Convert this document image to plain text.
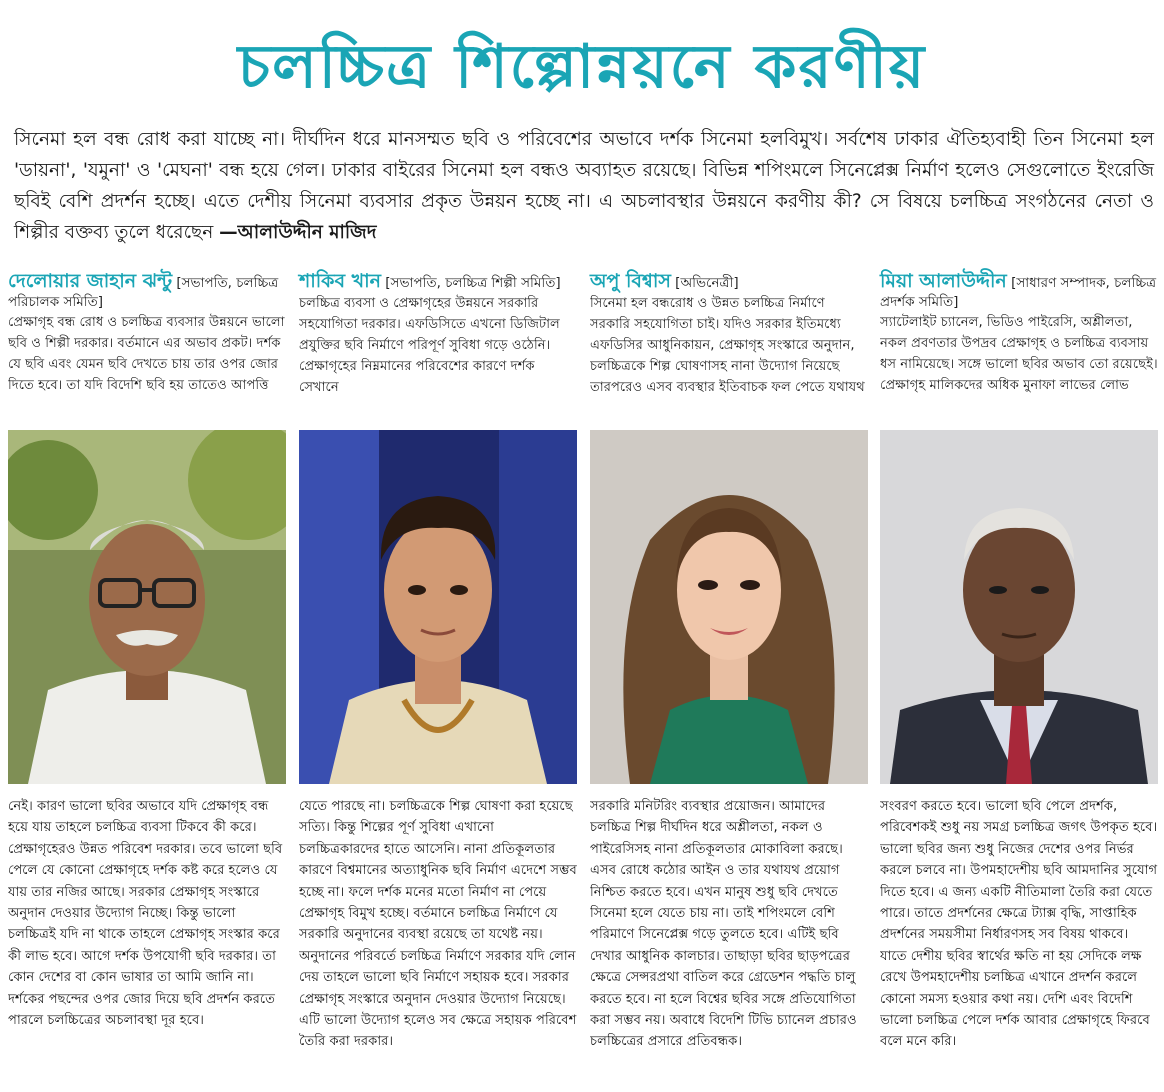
চলচ্চিত্র শিল্পোন্নয়নে করণীয়
সিনেমা হল বন্ধ রোধ করা যাচ্ছে না। দীর্ঘদিন ধরে মানসম্মত ছবি ও পরিবেশের অভাবে দর্শক সিনেমা হলবিমুখ। সর্বশেষ ঢাকার ঐতিহ্যবাহী তিন সিনেমা হল 'ডায়না', 'যমুনা' ও 'মেঘনা' বন্ধ হয়ে গেল। ঢাকার বাইরের সিনেমা হল বন্ধও অব্যাহত রয়েছে। বিভিন্ন শপিংমলে সিনেপ্লেক্স নির্মাণ হলেও সেগুলোতে ইংরেজি ছবিই বেশি প্রদর্শন হচ্ছে। এতে দেশীয় সিনেমা ব্যবসার প্রকৃত উন্নয়ন হচ্ছে না। এ অচলাবস্থার উন্নয়নে করণীয় কী? সে বিষয়ে চলচ্চিত্র সংগঠনের নেতা ও শিল্পীর বক্তব্য তুলে ধরেছেন —আলাউদ্দীন মাজিদ
দেলোয়ার জাহান ঝন্টু [সভাপতি, চলচ্চিত্র পরিচালক সমিতি]
প্রেক্ষাগৃহ বন্ধ রোধ ও চলচ্চিত্র ব্যবসার উন্নয়নে ভালো ছবি ও শিল্পী দরকার। বর্তমানে এর অভাব প্রকট। দর্শক যে ছবি এবং যেমন ছবি দেখতে চায় তার ওপর জোর দিতে হবে। তা যদি বিদেশি ছবি হয় তাতেও আপত্তি
নেই। কারণ ভালো ছবির অভাবে যদি প্রেক্ষাগৃহ বন্ধ হয়ে যায় তাহলে চলচ্চিত্র ব্যবসা টিকবে কী করে। প্রেক্ষাগৃহেরও উন্নত পরিবেশ দরকার। তবে ভালো ছবি পেলে যে কোনো প্রেক্ষাগৃহে দর্শক কষ্ট করে হলেও যে যায় তার নজির আছে। সরকার প্রেক্ষাগৃহ সংস্কারে অনুদান দেওয়ার উদ্যোগ নিচ্ছে। কিন্তু ভালো চলচ্চিত্রই যদি না থাকে তাহলে প্রেক্ষাগৃহ সংস্কার করে কী লাভ হবে। আগে দর্শক উপযোগী ছবি দরকার। তা কোন দেশের বা কোন ভাষার তা আমি জানি না। দর্শকের পছন্দের ওপর জোর দিয়ে ছবি প্রদর্শন করতে পারলে চলচ্চিত্রের অচলাবস্থা দূর হবে।
শাকিব খান [সভাপতি, চলচ্চিত্র শিল্পী সমিতি]
চলচ্চিত্র ব্যবসা ও প্রেক্ষাগৃহের উন্নয়নে সরকারি সহযোগিতা দরকার। এফডিসিতে এখনো ডিজিটাল প্রযুক্তির ছবি নির্মাণে পরিপূর্ণ সুবিধা গড়ে ওঠেনি। প্রেক্ষাগৃহের নিম্নমানের পরিবেশের কারণে দর্শক সেখানে
যেতে পারছে না। চলচ্চিত্রকে শিল্প ঘোষণা করা হয়েছে সত্যি। কিন্তু শিল্পের পূর্ণ সুবিধা এখানো চলচ্চিত্রকারদের হাতে আসেনি। নানা প্রতিকূলতার কারণে বিশ্বমানের অত্যাধুনিক ছবি নির্মাণ এদেশে সম্ভব হচ্ছে না। ফলে দর্শক মনের মতো নির্মাণ না পেয়ে প্রেক্ষাগৃহ বিমুখ হচ্ছে। বর্তমানে চলচ্চিত্র নির্মাণে যে সরকারি অনুদানের ব্যবস্থা রয়েছে তা যথেষ্ট নয়। অনুদানের পরিবর্তে চলচ্চিত্র নির্মাণে সরকার যদি লোন দেয় তাহলে ভালো ছবি নির্মাণে সহায়ক হবে। সরকার প্রেক্ষাগৃহ সংস্কারে অনুদান দেওয়ার উদ্যোগ নিয়েছে। এটি ভালো উদ্যোগ হলেও সব ক্ষেত্রে সহায়ক পরিবেশ তৈরি করা দরকার।
অপু বিশ্বাস [অভিনেত্রী]
সিনেমা হল বন্ধরোধ ও উন্নত চলচ্চিত্র নির্মাণে সরকারি সহযোগিতা চাই। যদিও সরকার ইতিমধ্যে এফডিসির আধুনিকায়ন, প্রেক্ষাগৃহ সংস্কারে অনুদান, চলচ্চিত্রকে শিল্প ঘোষণাসহ নানা উদ্যোগ নিয়েছে তারপরেও এসব ব্যবস্থার ইতিবাচক ফল পেতে যথাযথ
সরকারি মনিটরিং ব্যবস্থার প্রয়োজন। আমাদের চলচ্চিত্র শিল্প দীর্ঘদিন ধরে অশ্লীলতা, নকল ও পাইরেসিসহ নানা প্রতিকূলতার মোকাবিলা করছে। এসব রোধে কঠোর আইন ও তার যথাযথ প্রয়োগ নিশ্চিত করতে হবে। এখন মানুষ শুধু ছবি দেখতে সিনেমা হলে যেতে চায় না। তাই শপিংমলে বেশি পরিমাণে সিনেপ্লেক্স গড়ে তুলতে হবে। এটিই ছবি দেখার আধুনিক কালচার। তাছাড়া ছবির ছাড়পত্রের ক্ষেত্রে সেন্সরপ্রথা বাতিল করে গ্রেডেশন পদ্ধতি চালু করতে হবে। না হলে বিশ্বের ছবির সঙ্গে প্রতিযোগিতা করা সম্ভব নয়। অবাধে বিদেশি টিভি চ্যানেল প্রচারও চলচ্চিত্রের প্রসারে প্রতিবন্ধক।
মিয়া আলাউদ্দীন [সাধারণ সম্পাদক, চলচ্চিত্র প্রদর্শক সমিতি]
স্যাটেলাইট চ্যানেল, ভিডিও পাইরেসি, অশ্লীলতা, নকল প্রবণতার উপদ্রব প্রেক্ষাগৃহ ও চলচ্চিত্র ব্যবসায় ধস নামিয়েছে। সঙ্গে ভালো ছবির অভাব তো রয়েছেই। প্রেক্ষাগৃহ মালিকদের অধিক মুনাফা লাভের লোভ
সংবরণ করতে হবে। ভালো ছবি পেলে প্রদর্শক, পরিবেশকই শুধু নয় সমগ্র চলচ্চিত্র জগৎ উপকৃত হবে। ভালো ছবির জন্য শুধু নিজের দেশের ওপর নির্ভর করলে চলবে না। উপমহাদেশীয় ছবি আমদানির সুযোগ দিতে হবে। এ জন্য একটি নীতিমালা তৈরি করা যেতে পারে। তাতে প্রদর্শনের ক্ষেত্রে ট্যাক্স বৃদ্ধি, সাপ্তাহিক প্রদর্শনের সময়সীমা নির্ধারণসহ সব বিষয় থাকবে। যাতে দেশীয় ছবির স্বার্থের ক্ষতি না হয় সেদিকে লক্ষ রেখে উপমহাদেশীয় চলচ্চিত্র এখানে প্রদর্শন করলে কোনো সমস্য হওয়ার কথা নয়। দেশি এবং বিদেশি ভালো চলচ্চিত্র পেলে দর্শক আবার প্রেক্ষাগৃহে ফিরবে বলে মনে করি।
